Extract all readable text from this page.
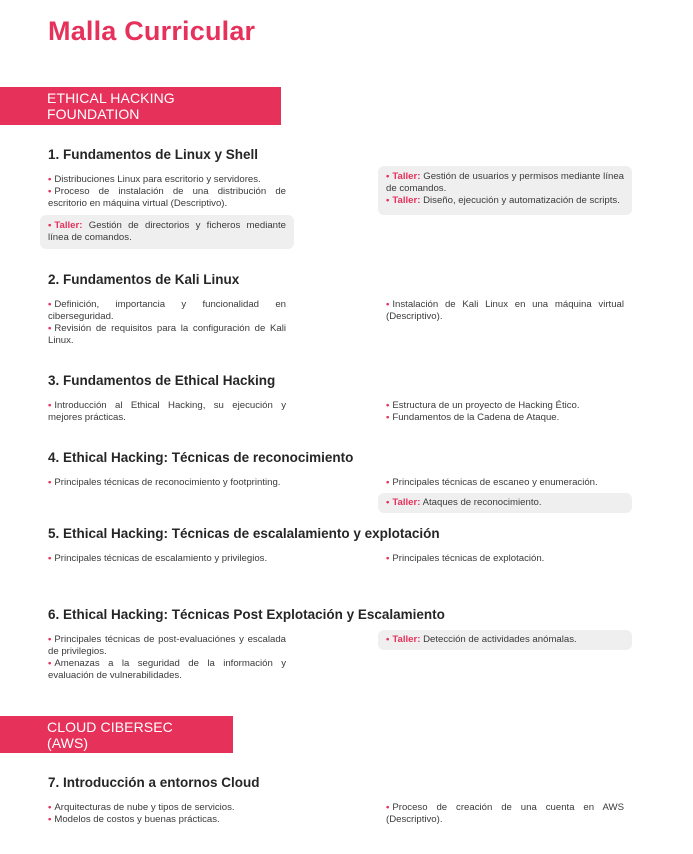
Malla Curricular
ETHICAL HACKING FOUNDATION
1. Fundamentos de Linux y Shell
• Distribuciones Linux para escritorio y servidores.
• Proceso de instalación de una distribución de escritorio en máquina virtual (Descriptivo).
• Taller: Gestión de directorios y ficheros mediante línea de comandos.
• Taller: Gestión de usuarios y permisos mediante línea de comandos.
• Taller: Diseño, ejecución y automatización de scripts.
2. Fundamentos de Kali Linux
• Definición, importancia y funcionalidad en ciberseguridad.
• Revisión de requisitos para la configuración de Kali Linux.
• Instalación de Kali Linux en una máquina virtual (Descriptivo).
3. Fundamentos de Ethical Hacking
• Introducción al Ethical Hacking, su ejecución y mejores prácticas.
• Estructura de un proyecto de Hacking Ético.
• Fundamentos de la Cadena de Ataque.
4. Ethical Hacking: Técnicas de reconocimiento
• Principales técnicas de reconocimiento y footprinting.	• Principales técnicas de escaneo y enumeración.
• Taller: Ataques de reconocimiento.
5. Ethical Hacking: Técnicas de escalalamiento y explotación
• Principales técnicas de escalamiento y privilegios.	• Principales técnicas de explotación.
6. Ethical Hacking: Técnicas Post Explotación y Escalamiento
• Principales técnicas de post-evaluaciónes y escalada de privilegios.
• Amenazas a la seguridad de la información y evaluación de vulnerabilidades.
• Taller: Detección de actividades anómalas.
CLOUD CIBERSEC (AWS)
7. Introducción a entornos Cloud
• Arquitecturas de nube y tipos de servicios.
• Modelos de costos y buenas prácticas.
• Proceso de creación de una cuenta en AWS (Descriptivo).
